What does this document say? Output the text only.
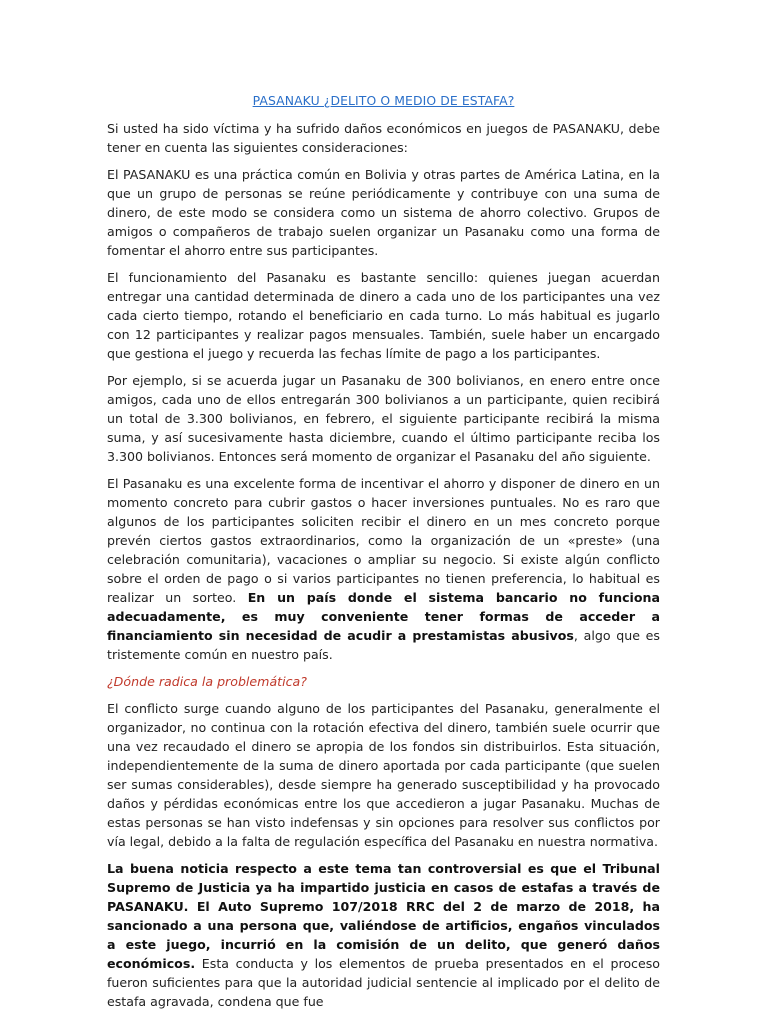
PASANAKU ¿DELITO O MEDIO DE ESTAFA?

Si usted ha sido víctima y ha sufrido daños económicos en juegos de PASANAKU, debe tener en cuenta las siguientes consideraciones:

El PASANAKU es una práctica común en Bolivia y otras partes de América Latina, en la que un grupo de personas se reúne periódicamente y contribuye con una suma de dinero, de este modo se considera como un sistema de ahorro colectivo. Grupos de amigos o compañeros de trabajo suelen organizar un Pasanaku como una forma de fomentar el ahorro entre sus participantes.

El funcionamiento del Pasanaku es bastante sencillo: quienes juegan acuerdan entregar una cantidad determinada de dinero a cada uno de los participantes una vez cada cierto tiempo, rotando el beneficiario en cada turno. Lo más habitual es jugarlo con 12 participantes y realizar pagos mensuales. También, suele haber un encargado que gestiona el juego y recuerda las fechas límite de pago a los participantes.

Por ejemplo, si se acuerda jugar un Pasanaku de 300 bolivianos, en enero entre once amigos, cada uno de ellos entregarán 300 bolivianos a un participante, quien recibirá un total de 3.300 bolivianos, en febrero, el siguiente participante recibirá la misma suma, y así sucesivamente hasta diciembre, cuando el último participante reciba los 3.300 bolivianos. Entonces será momento de organizar el Pasanaku del año siguiente.

El Pasanaku es una excelente forma de incentivar el ahorro y disponer de dinero en un momento concreto para cubrir gastos o hacer inversiones puntuales. No es raro que algunos de los participantes soliciten recibir el dinero en un mes concreto porque prevén ciertos gastos extraordinarios, como la organización de un «preste» (una celebración comunitaria), vacaciones o ampliar su negocio. Si existe algún conflicto sobre el orden de pago o si varios participantes no tienen preferencia, lo habitual es realizar un sorteo. En un país donde el sistema bancario no funciona adecuadamente, es muy conveniente tener formas de acceder a financiamiento sin necesidad de acudir a prestamistas abusivos, algo que es tristemente común en nuestro país.

¿Dónde radica la problemática?

El conflicto surge cuando alguno de los participantes del Pasanaku, generalmente el organizador, no continua con la rotación efectiva del dinero, también suele ocurrir que una vez recaudado el dinero se apropia de los fondos sin distribuirlos. Esta situación, independientemente de la suma de dinero aportada por cada participante (que suelen ser sumas considerables), desde siempre ha generado susceptibilidad y ha provocado daños y pérdidas económicas entre los que accedieron a jugar Pasanaku. Muchas de estas personas se han visto indefensas y sin opciones para resolver sus conflictos por vía legal, debido a la falta de regulación específica del Pasanaku en nuestra normativa.

La buena noticia respecto a este tema tan controversial es que el Tribunal Supremo de Justicia ya ha impartido justicia en casos de estafas a través de PASANAKU. El Auto Supremo 107/2018 RRC del 2 de marzo de 2018, ha sancionado a una persona que, valiéndose de artificios, engaños vinculados a este juego, incurrió en la comisión de un delito, que generó daños económicos. Esta conducta y los elementos de prueba presentados en el proceso fueron suficientes para que la autoridad judicial sentencie al implicado por el delito de estafa agravada, condena que fue
